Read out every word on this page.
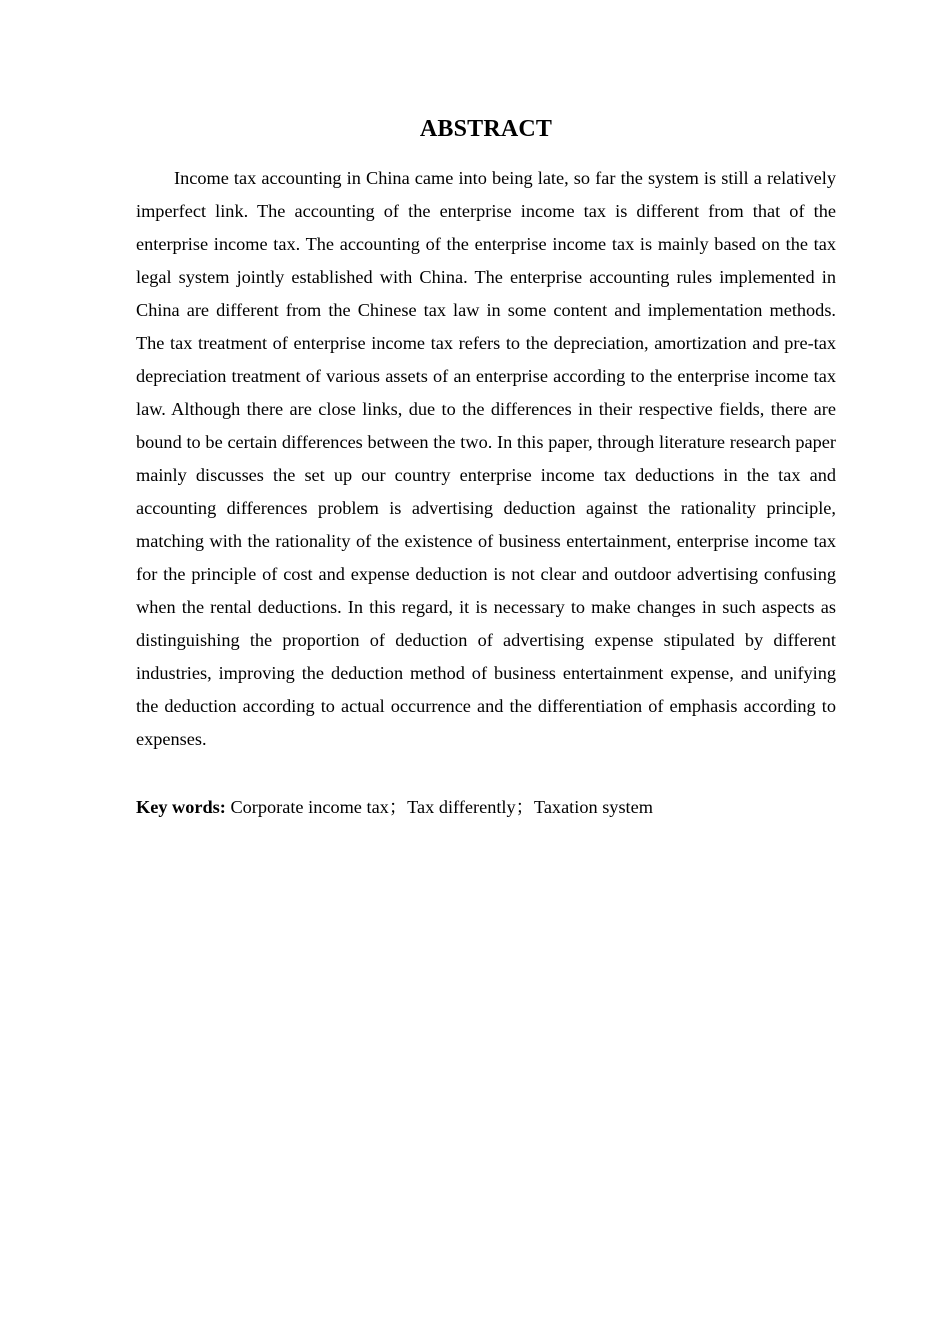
ABSTRACT

Income tax accounting in China came into being late, so far the system is still a relatively imperfect link. The accounting of the enterprise income tax is different from that of the enterprise income tax. The accounting of the enterprise income tax is mainly based on the tax legal system jointly established with China. The enterprise accounting rules implemented in China are different from the Chinese tax law in some content and implementation methods. The tax treatment of enterprise income tax refers to the depreciation, amortization and pre-tax depreciation treatment of various assets of an enterprise according to the enterprise income tax law. Although there are close links, due to the differences in their respective fields, there are bound to be certain differences between the two. In this paper, through literature research paper mainly discusses the set up our country enterprise income tax deductions in the tax and accounting differences problem is advertising deduction against the rationality principle, matching with the rationality of the existence of business entertainment, enterprise income tax for the principle of cost and expense deduction is not clear and outdoor advertising confusing when the rental deductions. In this regard, it is necessary to make changes in such aspects as distinguishing the proportion of deduction of advertising expense stipulated by different industries, improving the deduction method of business entertainment expense, and unifying the deduction according to actual occurrence and the differentiation of emphasis according to expenses.

Key words: Corporate income tax；Tax differently；Taxation system
